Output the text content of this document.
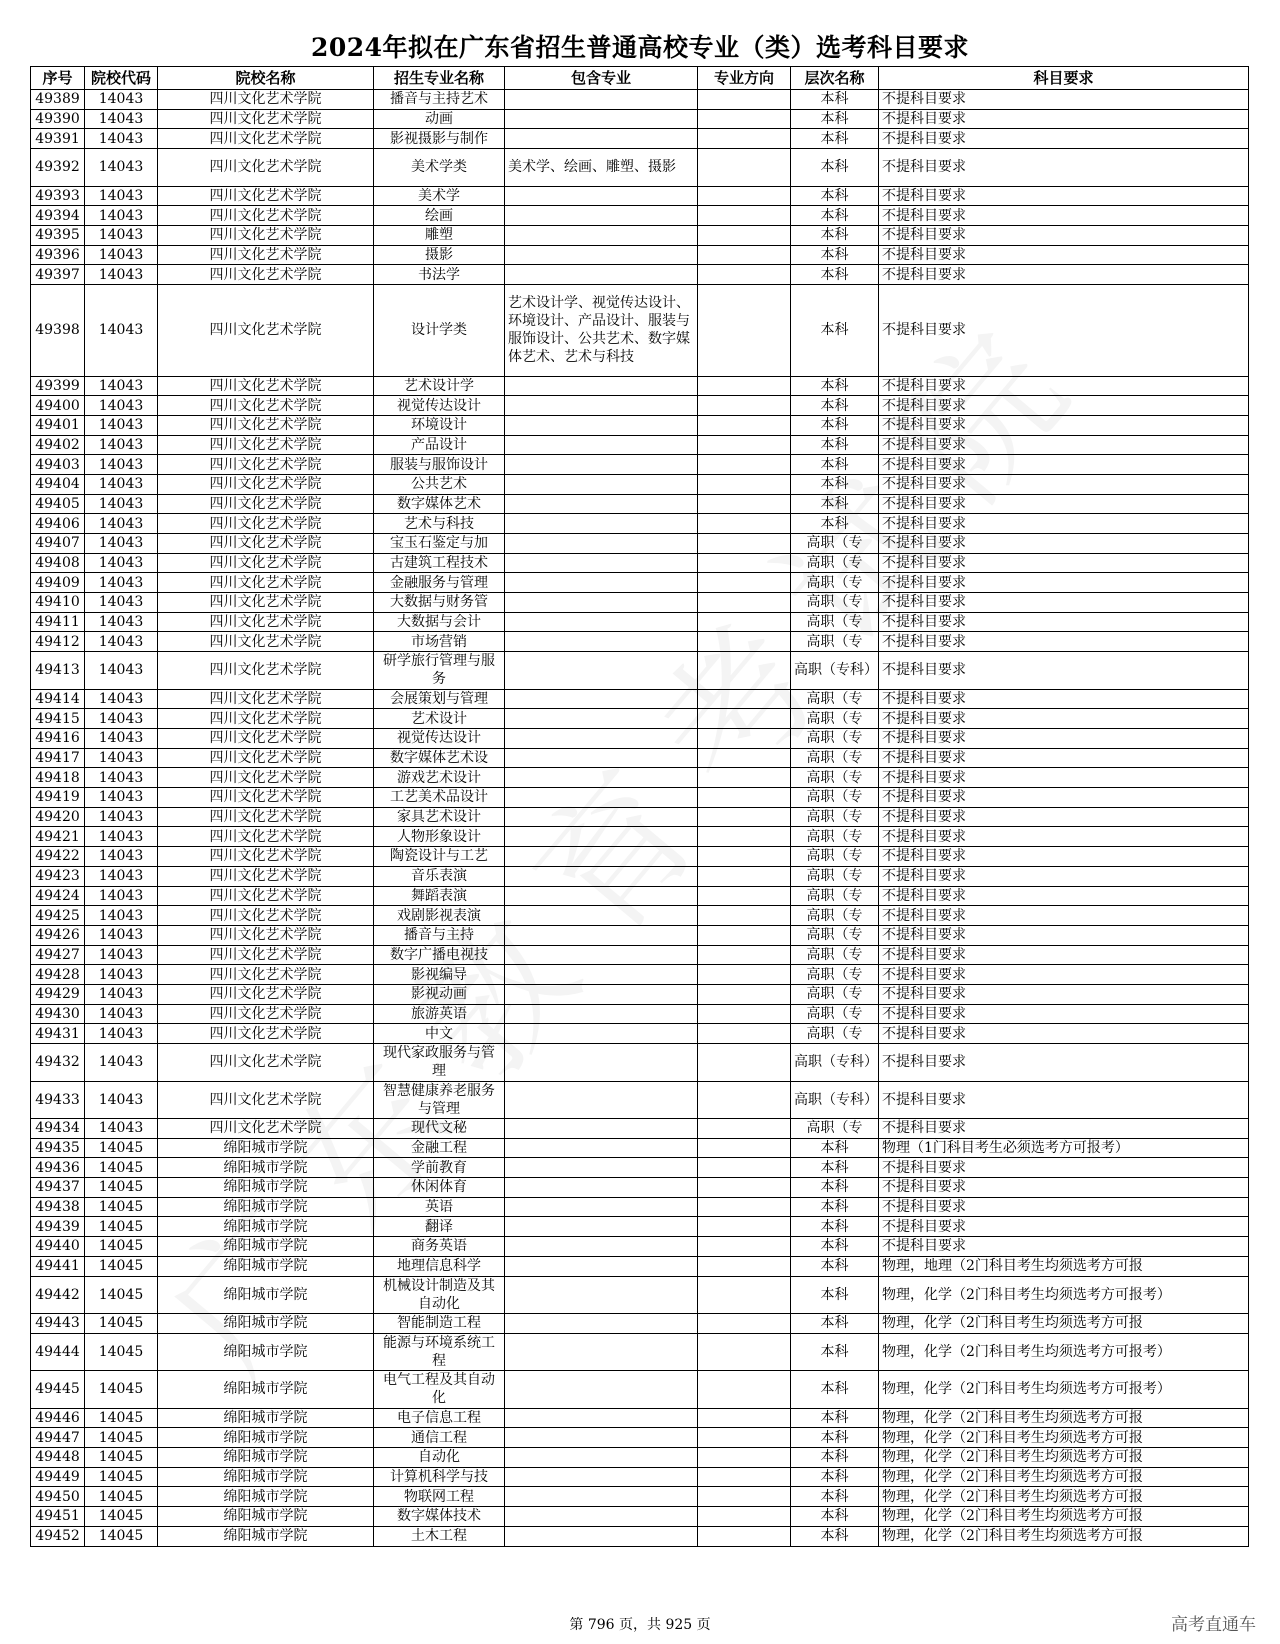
2024年拟在广东省招生普通高校专业（类）选考科目要求
序号	院校代码	院校名称	招生专业名称	包含专业	专业方向	层次名称	科目要求
49389	14043	四川文化艺术学院	播音与主持艺术			本科	不提科目要求
49390	14043	四川文化艺术学院	动画			本科	不提科目要求
49391	14043	四川文化艺术学院	影视摄影与制作			本科	不提科目要求
49392	14043	四川文化艺术学院	美术学类	美术学、绘画、雕塑、摄影		本科	不提科目要求
49393	14043	四川文化艺术学院	美术学			本科	不提科目要求
49394	14043	四川文化艺术学院	绘画			本科	不提科目要求
49395	14043	四川文化艺术学院	雕塑			本科	不提科目要求
49396	14043	四川文化艺术学院	摄影			本科	不提科目要求
49397	14043	四川文化艺术学院	书法学			本科	不提科目要求
49398	14043	四川文化艺术学院	设计学类	艺术设计学、视觉传达设计、环境设计、产品设计、服装与服饰设计、公共艺术、数字媒体艺术、艺术与科技		本科	不提科目要求
49399	14043	四川文化艺术学院	艺术设计学			本科	不提科目要求
49400	14043	四川文化艺术学院	视觉传达设计			本科	不提科目要求
49401	14043	四川文化艺术学院	环境设计			本科	不提科目要求
49402	14043	四川文化艺术学院	产品设计			本科	不提科目要求
49403	14043	四川文化艺术学院	服装与服饰设计			本科	不提科目要求
49404	14043	四川文化艺术学院	公共艺术			本科	不提科目要求
49405	14043	四川文化艺术学院	数字媒体艺术			本科	不提科目要求
49406	14043	四川文化艺术学院	艺术与科技			本科	不提科目要求
49407	14043	四川文化艺术学院	宝玉石鉴定与加			高职（专	不提科目要求
49408	14043	四川文化艺术学院	古建筑工程技术			高职（专	不提科目要求
49409	14043	四川文化艺术学院	金融服务与管理			高职（专	不提科目要求
49410	14043	四川文化艺术学院	大数据与财务管			高职（专	不提科目要求
49411	14043	四川文化艺术学院	大数据与会计			高职（专	不提科目要求
49412	14043	四川文化艺术学院	市场营销			高职（专	不提科目要求
49413	14043	四川文化艺术学院	研学旅行管理与服务			高职（专科）	不提科目要求
49414	14043	四川文化艺术学院	会展策划与管理			高职（专	不提科目要求
49415	14043	四川文化艺术学院	艺术设计			高职（专	不提科目要求
49416	14043	四川文化艺术学院	视觉传达设计			高职（专	不提科目要求
49417	14043	四川文化艺术学院	数字媒体艺术设			高职（专	不提科目要求
49418	14043	四川文化艺术学院	游戏艺术设计			高职（专	不提科目要求
49419	14043	四川文化艺术学院	工艺美术品设计			高职（专	不提科目要求
49420	14043	四川文化艺术学院	家具艺术设计			高职（专	不提科目要求
49421	14043	四川文化艺术学院	人物形象设计			高职（专	不提科目要求
49422	14043	四川文化艺术学院	陶瓷设计与工艺			高职（专	不提科目要求
49423	14043	四川文化艺术学院	音乐表演			高职（专	不提科目要求
49424	14043	四川文化艺术学院	舞蹈表演			高职（专	不提科目要求
49425	14043	四川文化艺术学院	戏剧影视表演			高职（专	不提科目要求
49426	14043	四川文化艺术学院	播音与主持			高职（专	不提科目要求
49427	14043	四川文化艺术学院	数字广播电视技			高职（专	不提科目要求
49428	14043	四川文化艺术学院	影视编导			高职（专	不提科目要求
49429	14043	四川文化艺术学院	影视动画			高职（专	不提科目要求
49430	14043	四川文化艺术学院	旅游英语			高职（专	不提科目要求
49431	14043	四川文化艺术学院	中文			高职（专	不提科目要求
49432	14043	四川文化艺术学院	现代家政服务与管理			高职（专科）	不提科目要求
49433	14043	四川文化艺术学院	智慧健康养老服务与管理			高职（专科）	不提科目要求
49434	14043	四川文化艺术学院	现代文秘			高职（专	不提科目要求
49435	14045	绵阳城市学院	金融工程			本科	物理（1门科目考生必须选考方可报考）
49436	14045	绵阳城市学院	学前教育			本科	不提科目要求
49437	14045	绵阳城市学院	休闲体育			本科	不提科目要求
49438	14045	绵阳城市学院	英语			本科	不提科目要求
49439	14045	绵阳城市学院	翻译			本科	不提科目要求
49440	14045	绵阳城市学院	商务英语			本科	不提科目要求
49441	14045	绵阳城市学院	地理信息科学			本科	物理，地理（2门科目考生均须选考方可报
49442	14045	绵阳城市学院	机械设计制造及其自动化			本科	物理，化学（2门科目考生均须选考方可报考）
49443	14045	绵阳城市学院	智能制造工程			本科	物理，化学（2门科目考生均须选考方可报
49444	14045	绵阳城市学院	能源与环境系统工程			本科	物理，化学（2门科目考生均须选考方可报考）
49445	14045	绵阳城市学院	电气工程及其自动化			本科	物理，化学（2门科目考生均须选考方可报考）
49446	14045	绵阳城市学院	电子信息工程			本科	物理，化学（2门科目考生均须选考方可报
49447	14045	绵阳城市学院	通信工程			本科	物理，化学（2门科目考生均须选考方可报
49448	14045	绵阳城市学院	自动化			本科	物理，化学（2门科目考生均须选考方可报
49449	14045	绵阳城市学院	计算机科学与技			本科	物理，化学（2门科目考生均须选考方可报
49450	14045	绵阳城市学院	物联网工程			本科	物理，化学（2门科目考生均须选考方可报
49451	14045	绵阳城市学院	数字媒体技术			本科	物理，化学（2门科目考生均须选考方可报
49452	14045	绵阳城市学院	土木工程			本科	物理，化学（2门科目考生均须选考方可报
第 796 页，共 925 页	高考直通车
